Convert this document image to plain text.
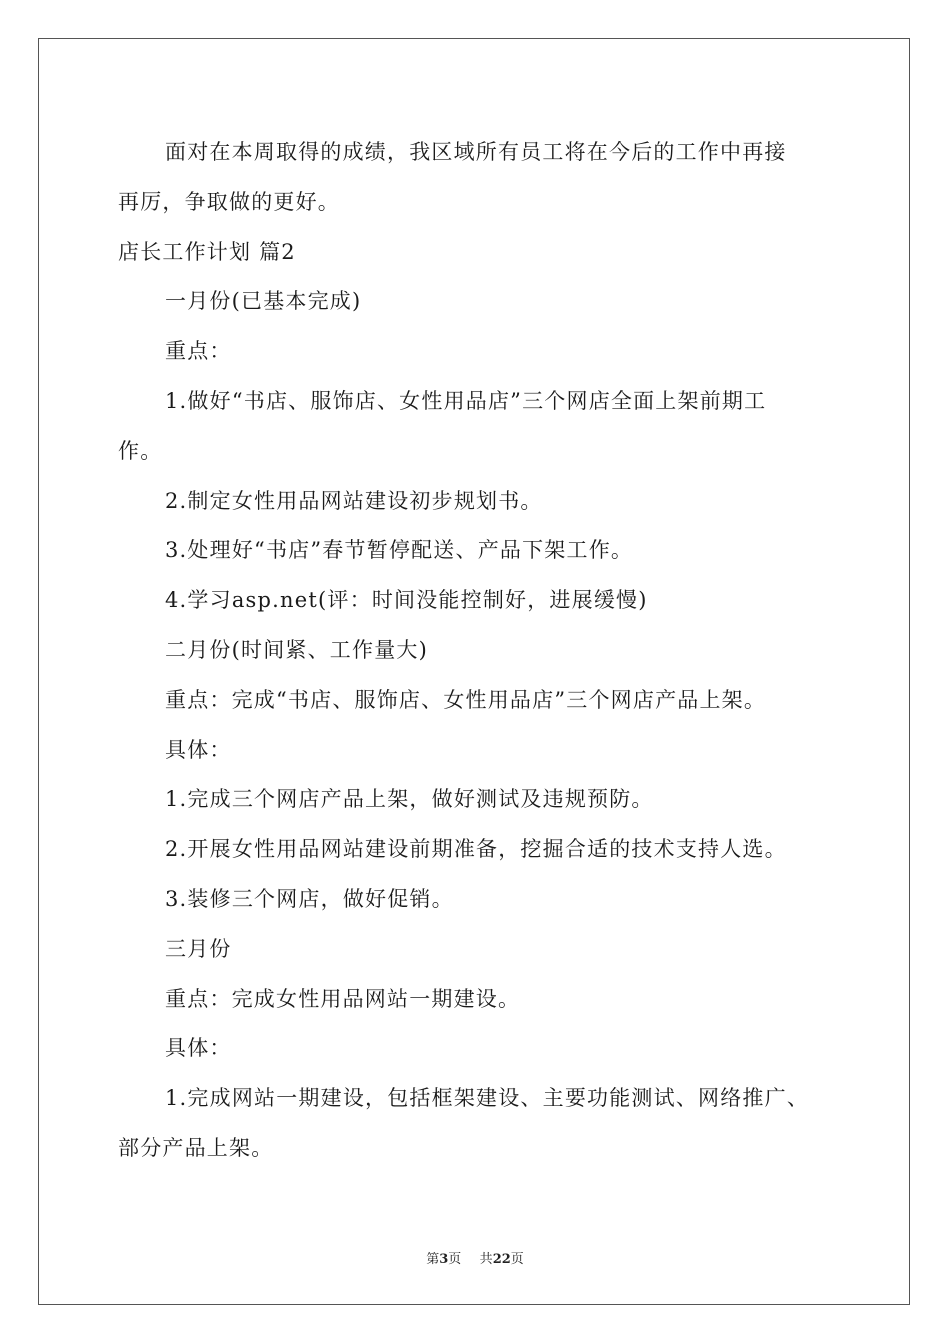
面对在本周取得的成绩，我区域所有员工将在今后的工作中再接
再厉，争取做的更好。
店长工作计划 篇2
一月份(已基本完成)
重点：
1.做好“书店、服饰店、女性用品店”三个网店全面上架前期工
作。
2.制定女性用品网站建设初步规划书。
3.处理好“书店”春节暂停配送、产品下架工作。
4.学习asp.net(评：时间没能控制好，进展缓慢)
二月份(时间紧、工作量大)
重点：完成“书店、服饰店、女性用品店”三个网店产品上架。
具体：
1.完成三个网店产品上架，做好测试及违规预防。
2.开展女性用品网站建设前期准备，挖掘合适的技术支持人选。
3.装修三个网店，做好促销。
三月份
重点：完成女性用品网站一期建设。
具体：
1.完成网站一期建设，包括框架建设、主要功能测试、网络推广、
部分产品上架。
第3页 共22页
